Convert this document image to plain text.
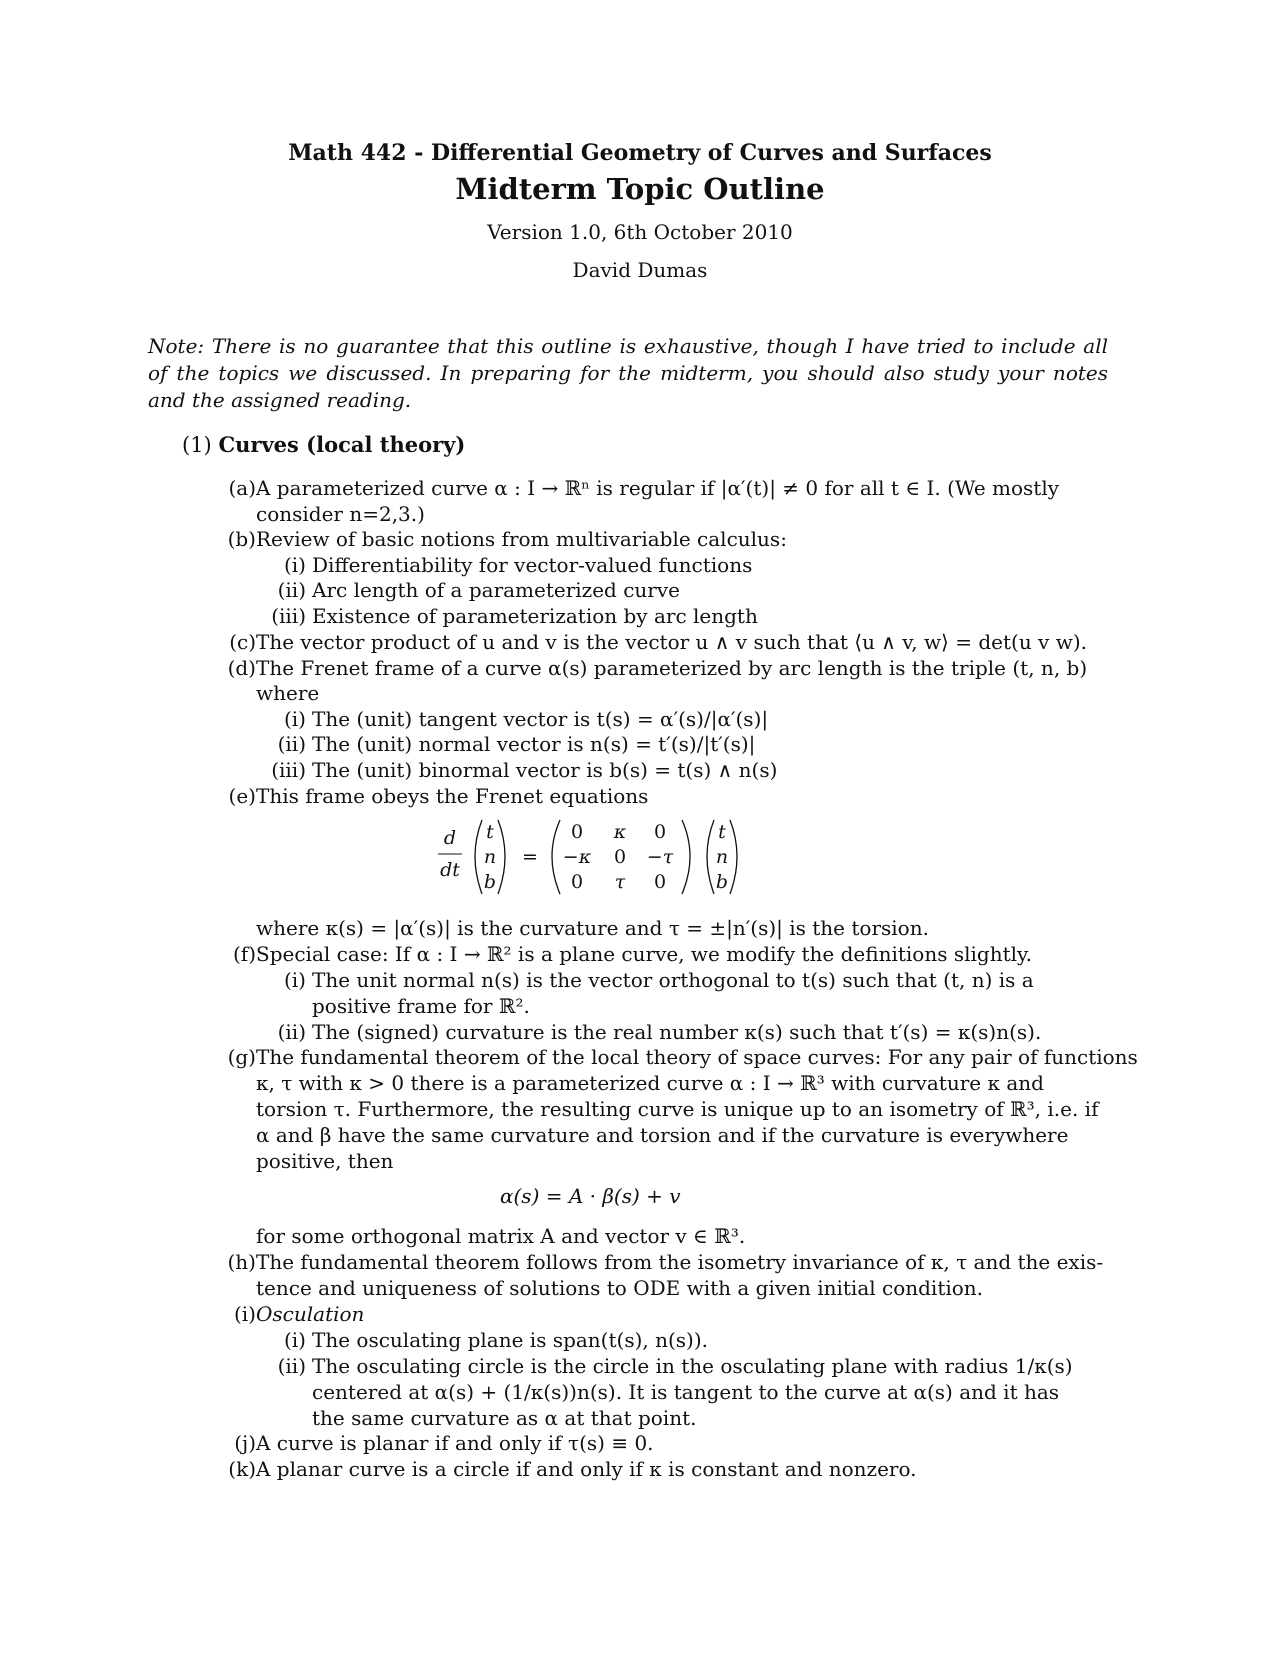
Math 442 - Differential Geometry of Curves and Surfaces
Midterm Topic Outline
Version 1.0, 6th October 2010
David Dumas
Note: There is no guarantee that this outline is exhaustive, though I have tried to include all of the topics we discussed. In preparing for the midterm, you should also study your notes and the assigned reading.
(1) Curves (local theory)
(a) A parameterized curve α : I → ℝⁿ is regular if |α′(t)| ≠ 0 for all t ∈ I. (We mostly
consider n=2,3.)
(b) Review of basic notions from multivariable calculus:
(i) Differentiability for vector-valued functions
(ii) Arc length of a parameterized curve
(iii) Existence of parameterization by arc length
(c) The vector product of u and v is the vector u ∧ v such that ⟨u ∧ v, w⟩ = det(u v w).
(d) The Frenet frame of a curve α(s) parameterized by arc length is the triple (t, n, b)
where
(i) The (unit) tangent vector is t(s) = α′(s)/|α′(s)|
(ii) The (unit) normal vector is n(s) = t′(s)/|t′(s)|
(iii) The (unit) binormal vector is b(s) = t(s) ∧ n(s)
(e) This frame obeys the Frenet equations
d
dt
t
n
b
=
0 κ 0
−κ 0 −τ
0 τ 0
t
n
b
where κ(s) = |α′(s)| is the curvature and τ = ±|n′(s)| is the torsion.
(f) Special case: If α : I → ℝ² is a plane curve, we modify the definitions slightly.
(i) The unit normal n(s) is the vector orthogonal to t(s) such that (t, n) is a
positive frame for ℝ².
(ii) The (signed) curvature is the real number κ(s) such that t′(s) = κ(s)n(s).
(g) The fundamental theorem of the local theory of space curves: For any pair of functions
κ, τ with κ > 0 there is a parameterized curve α : I → ℝ³ with curvature κ and
torsion τ. Furthermore, the resulting curve is unique up to an isometry of ℝ³, i.e. if
α and β have the same curvature and torsion and if the curvature is everywhere
positive, then
α(s) = A · β(s) + v
for some orthogonal matrix A and vector v ∈ ℝ³.
(h) The fundamental theorem follows from the isometry invariance of κ, τ and the exis-
tence and uniqueness of solutions to ODE with a given initial condition.
(i) Osculation
(i) The osculating plane is span(t(s), n(s)).
(ii) The osculating circle is the circle in the osculating plane with radius 1/κ(s)
centered at α(s) + (1/κ(s))n(s). It is tangent to the curve at α(s) and it has
the same curvature as α at that point.
(j) A curve is planar if and only if τ(s) ≡ 0.
(k) A planar curve is a circle if and only if κ is constant and nonzero.
